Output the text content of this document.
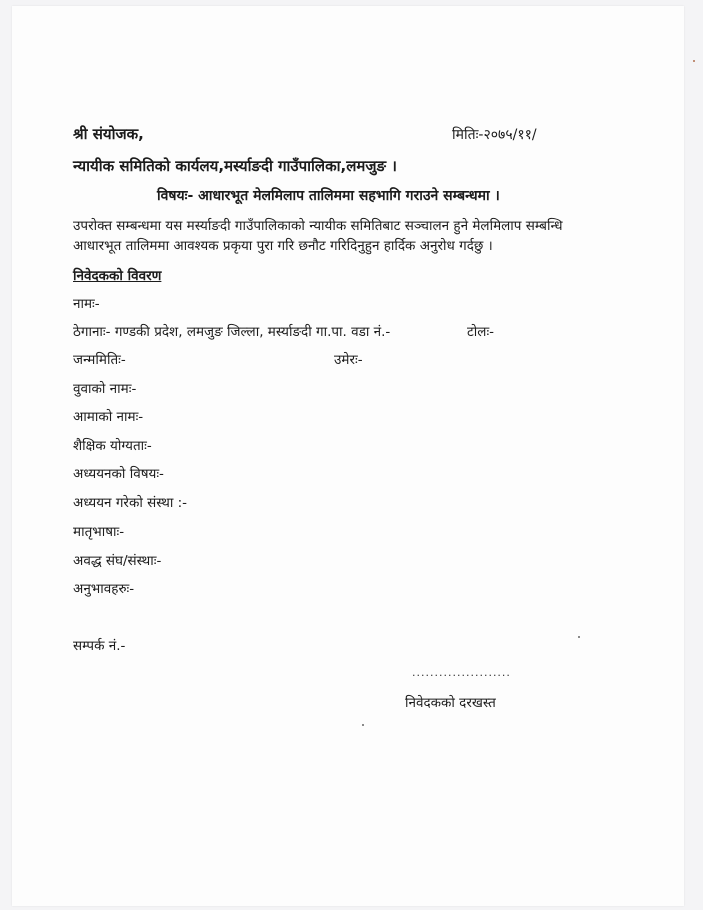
श्री संयोजक,	मितिः-२०७५/११/
न्यायीक समितिको कार्यलय,मर्स्याङदी गाउँपालिका,लमजुङ ।
विषयः- आधारभूत मेलमिलाप तालिममा सहभागि गराउने सम्बन्धमा ।
उपरोक्त सम्बन्धमा यस मर्स्याङदी गाउँपालिकाको न्यायीक समितिबाट सञ्चालन हुने मेलमिलाप सम्बन्धि आधारभूत तालिममा आवश्यक प्रकृया पुरा गरि छनौट गरिदिनुहुन हार्दिक अनुरोध गर्दछु ।
निवेदकको विवरण
नामः-
ठेगानाः- गण्डकी प्रदेश, लमजुङ जिल्ला, मर्स्याङदी गा.पा. वडा नं.-	टोलः-
जन्ममितिः-	उमेरः-
वुवाको नामः-
आमाको नामः-
शैक्षिक योग्यताः-
अध्ययनको विषयः-
अध्ययन गरेको संस्था :-
मातृभाषाः-
अवद्ध संघ/संस्थाः-
अनुभावहरुः-
सम्पर्क नं.-
......................
निवेदकको दरखस्त
